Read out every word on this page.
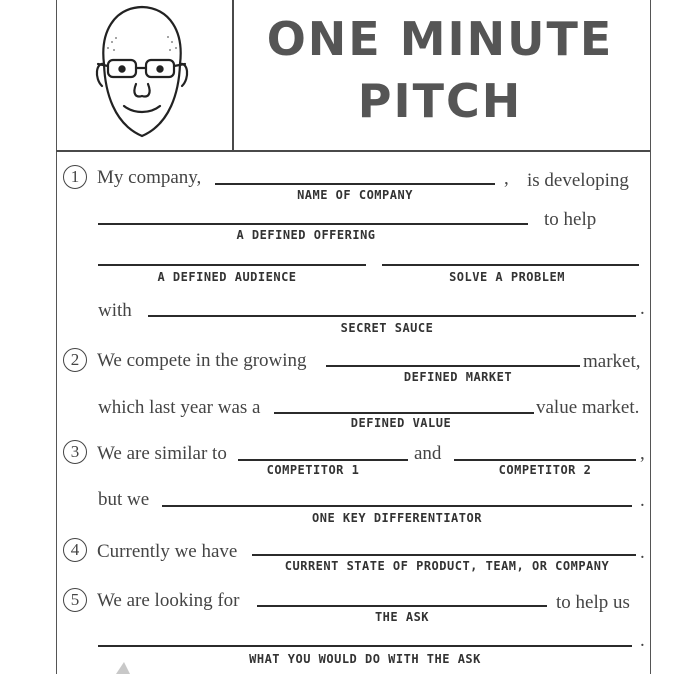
ONE MINUTE
PITCH
1 My company,
NAME OF COMPANY
, is developing
A DEFINED OFFERING
to help
A DEFINED AUDIENCE	SOLVE A PROBLEM
with	.
SECRET SAUCE
2 We compete in the growing
DEFINED MARKET
market,
which last year was a
DEFINED VALUE
value market.
3 We are similar to
COMPETITOR 1
and
COMPETITOR 2
,
but we	.
ONE KEY DIFFERENTIATOR
4 Currently we have	.
CURRENT STATE OF PRODUCT, TEAM, OR COMPANY
5 We are looking for
THE ASK
to help us
.
WHAT YOU WOULD DO WITH THE ASK
